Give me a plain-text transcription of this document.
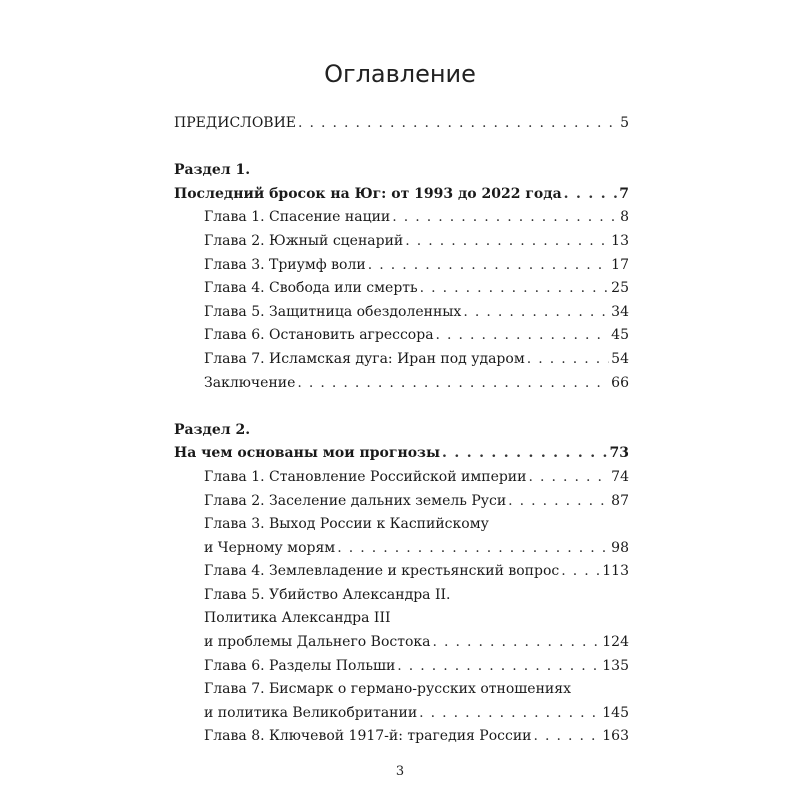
Оглавление
ПРЕДИСЛОВИЕ . . .	5
Раздел 1.
Последний бросок на Юг: от 1993 до 2022 года . . .	7
Глава 1. Спасение нации . . .	8
Глава 2. Южный сценарий . . .	13
Глава 3. Триумф воли . . .	17
Глава 4. Свобода или смерть . . .	25
Глава 5. Защитница обездоленных . . .	34
Глава 6. Остановить агрессора . . .	45
Глава 7. Исламская дуга: Иран под ударом . . .	54
Заключение . . .	66
Раздел 2.
На чем основаны мои прогнозы . . .	73
Глава 1. Становление Российской империи . . .	74
Глава 2. Заселение дальних земель Руси . . .	87
Глава 3. Выход России к Каспийскому
и Черному морям . . .	98
Глава 4. Землевладение и крестьянский вопрос . . .	113
Глава 5. Убийство Александра II.
Политика Александра III
и проблемы Дальнего Востока . . .	124
Глава 6. Разделы Польши . . .	135
Глава 7. Бисмарк о германо-русских отношениях
и политика Великобритании . . .	145
Глава 8. Ключевой 1917-й: трагедия России . . .	163
3
